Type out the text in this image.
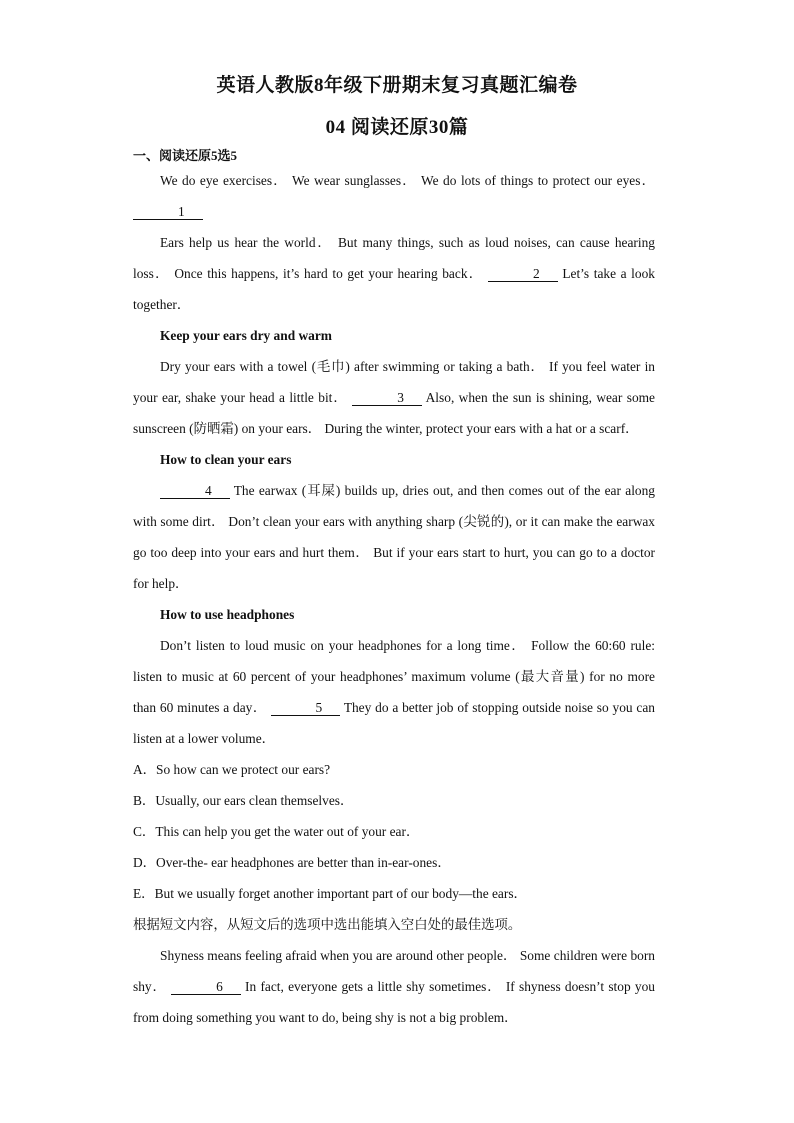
英语人教版8年级下册期末复习真题汇编卷
04 阅读还原30篇
一、阅读还原5选5

We do eye exercises． We wear sunglasses． We do lots of things to protect our eyes． 1

Ears help us hear the world． But many things, such as loud noises, can cause hearing loss． Once this happens, it’s hard to get your hearing back．	2 Let’s take a look together．

Keep your ears dry and warm

Dry your ears with a towel (毛巾) after swimming or taking a bath． If you feel water in your ear, shake your head a little bit．	3 Also, when the sun is shining, wear some sunscreen (防晒霜) on your ears． During the winter, protect your ears with a hat or a scarf．

How to clean your ears

4 The earwax (耳屎) builds up, dries out, and then comes out of the ear along with some dirt． Don’t clean your ears with anything sharp (尖锐的), or it can make the earwax go too deep into your ears and hurt them． But if your ears start to hurt, you can go to a doctor for help．

How to use headphones

Don’t listen to loud music on your headphones for a long time． Follow the 60:60 rule: listen to music at 60 percent of your headphones’ maximum volume (最大音量) for no more than 60 minutes a day．	5 They do a better job of stopping outside noise so you can listen at a lower volume．

A．So how can we protect our ears?

B．Usually, our ears clean themselves．

C．This can help you get the water out of your ear．

D．Over-the- ear headphones are better than in-ear-ones．

E．But we usually forget another important part of our body—the ears．

根据短文内容，从短文后的选项中选出能填入空白处的最佳选项。

Shyness means feeling afraid when you are around other people． Some children were born shy．	6 In fact, everyone gets a little shy sometimes． If shyness doesn’t stop you from doing something you want to do, being shy is not a big problem．
